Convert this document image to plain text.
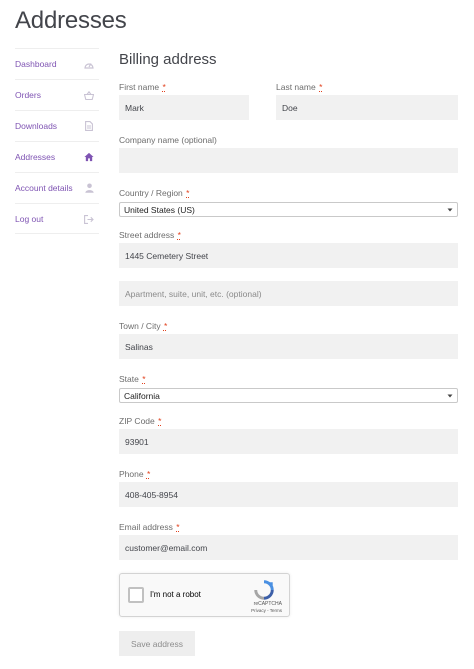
Addresses
Dashboard
Orders
Downloads
Addresses
Account details
Log out
Billing address
First name *
Mark
Last name *
Doe
Company name (optional)
Country / Region *
United States (US)
Street address *
1445 Cemetery Street
Apartment, suite, unit, etc. (optional)
Town / City *
Salinas
State *
California
ZIP Code *
93901
Phone *
408-405-8954
Email address *
customer@email.com
I'm not a robot
reCAPTCHA
Privacy - Terms
Save address
